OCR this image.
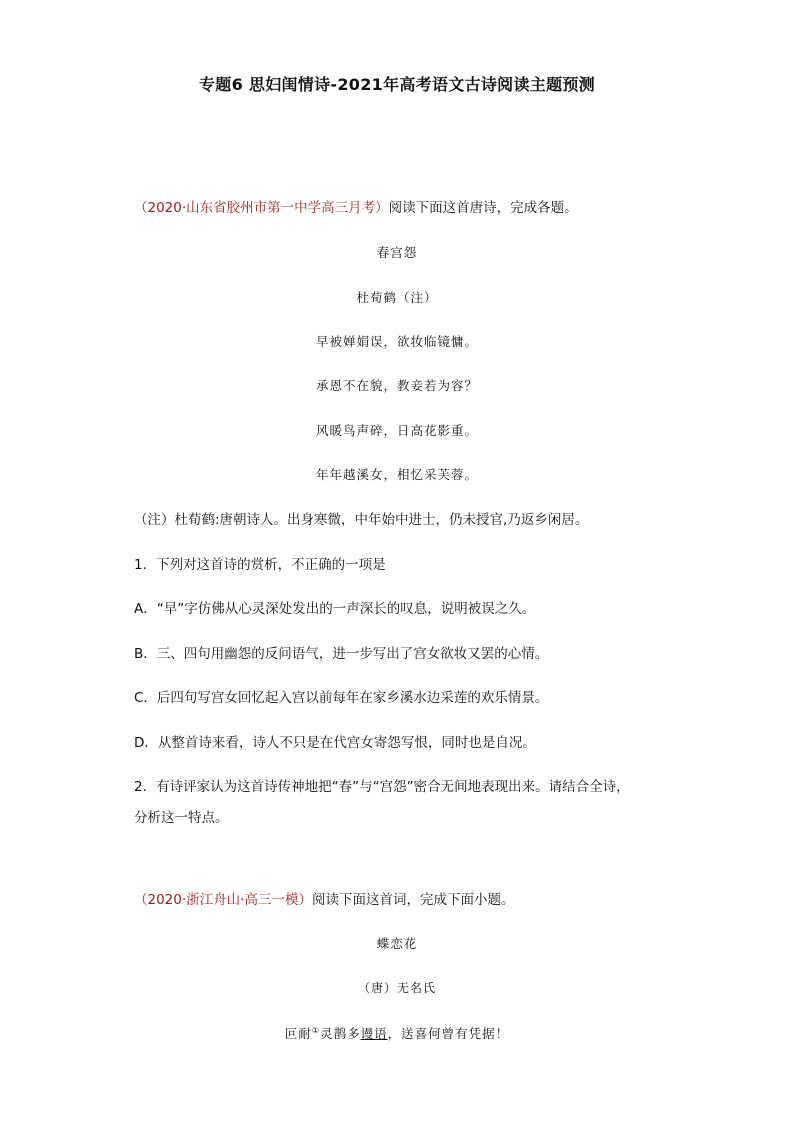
专题6 思妇闺情诗-2021年高考语文古诗阅读主题预测
（2020·山东省胶州市第一中学高三月考）阅读下面这首唐诗，完成各题。
春宫怨
杜荀鹤（注）
早被婵娟误，欲妆临镜慵。
承恩不在貌，教妾若为容？
风暖鸟声碎，日高花影重。
年年越溪女，相忆采芙蓉。
（注）杜荀鹤:唐朝诗人。出身寒微，中年始中进士，仍未授官,乃返乡闲居。
1．下列对这首诗的赏析，不正确的一项是
A．“早”字仿佛从心灵深处发出的一声深长的叹息，说明被误之久。
B．三、四句用幽怨的反问语气，进一步写出了宫女欲妆又罢的心情。
C．后四句写宫女回忆起入宫以前每年在家乡溪水边采莲的欢乐情景。
D．从整首诗来看，诗人不只是在代宫女寄怨写恨，同时也是自况。
2．有诗评家认为这首诗传神地把“春”与“宫怨”密合无间地表现出来。请结合全诗，
分析这一特点。
（2020·浙江舟山·高三一模）阅读下面这首词，完成下面小题。
蝶恋花
（唐）无名氏
叵耐①灵鹊多谩语，送喜何曾有凭据！
